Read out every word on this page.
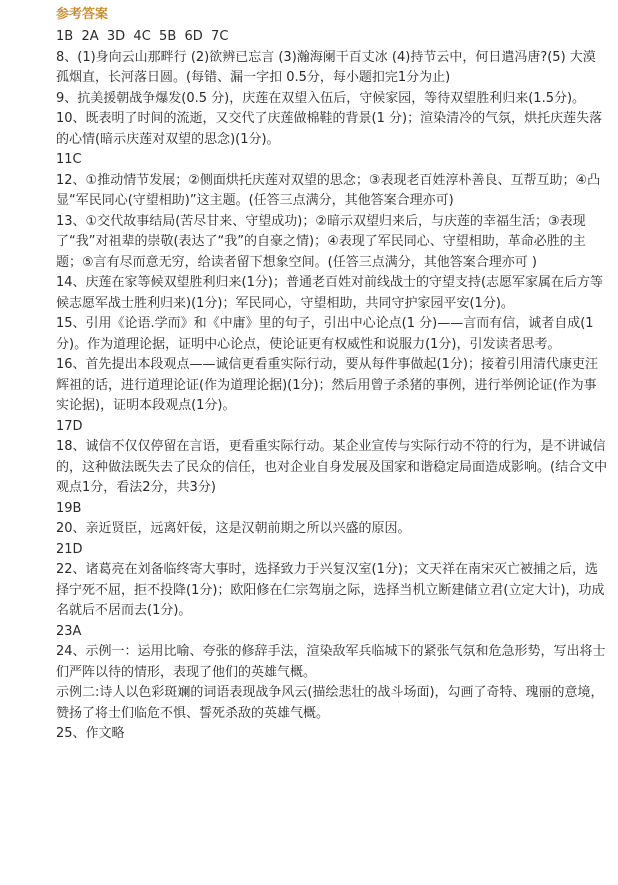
参考答案
1B  2A  3D  4C  5B  6D  7C
8、(1)身向云山那畔行 (2)欲辨已忘言 (3)瀚海阑干百丈冰 (4)持节云中，何日遣冯唐?(5) 大漠孤烟直，长河落日圆。(每错、漏一字扣 0.5分，每小题扣完1分为止)
9、抗美援朝战争爆发(0.5 分)，庆莲在双望入伍后，守候家园，等待双望胜利归来(1.5分)。
10、既表明了时间的流逝，又交代了庆莲做棉鞋的背景(1 分)；渲染清冷的气氛，烘托庆莲失落的心情(暗示庆莲对双望的思念)(1分)。
11C
12、①推动情节发展；②侧面烘托庆莲对双望的思念；③表现老百姓淳朴善良、互帮互助；④凸显“军民同心(守望相助)”这主题。(任答三点满分，其他答案合理亦可)
13、①交代故事结局(苦尽甘来、守望成功)；②暗示双望归来后，与庆莲的幸福生活；③表现了“我”对祖辈的崇敬(表达了“我”的自豪之情)；④表现了军民同心、守望相助，革命必胜的主题；⑤言有尽而意无穷，给读者留下想象空间。(任答三点满分，其他答案合理亦可 )
14、庆莲在家等候双望胜利归来(1分)；普通老百姓对前线战士的守望支持(志愿军家属在后方等候志愿军战士胜利归来)(1分)；军民同心，守望相助，共同守护家园平安(1分)。
15、引用《论语.学而》和《中庸》里的句子，引出中心论点(1 分)——言而有信，诚者自成(1分)。作为道理论据，证明中心论点，使论证更有权威性和说服力(1分)，引发读者思考。
16、首先提出本段观点——诚信更看重实际行动，要从每件事做起(1分)；接着引用清代康吏汪辉祖的话，进行道理论证(作为道理论据)(1分)；然后用曾子杀猪的事例，进行举例论证(作为事实论据)，证明本段观点(1分)。
17D
18、诚信不仅仅停留在言语，更看重实际行动。某企业宣传与实际行动不符的行为，是不讲诚信的，这种做法既失去了民众的信任，也对企业自身发展及国家和谐稳定局面造成影响。(结合文中观点1分，看法2分，共3分)
19B
20、亲近贤臣，远离奸佞，这是汉朝前期之所以兴盛的原因。
21D
22、诸葛亮在刘备临终寄大事时，选择致力于兴复汉室(1分)；文天祥在南宋灭亡被捕之后，选择宁死不屈，拒不投降(1分)；欧阳修在仁宗驾崩之际，选择当机立断建储立君(立定大计)，功成名就后不居而去(1分)。
23A
24、示例一：运用比喻、夸张的修辞手法，渲染敌军兵临城下的紧张气氛和危急形势，写出将士们严阵以待的情形，表现了他们的英雄气概。
示例二:诗人以色彩斑斓的词语表现战争风云(描绘悲壮的战斗场面)，勾画了奇特、瑰丽的意境，赞扬了将士们临危不惧、誓死杀敌的英雄气概。
25、作文略
